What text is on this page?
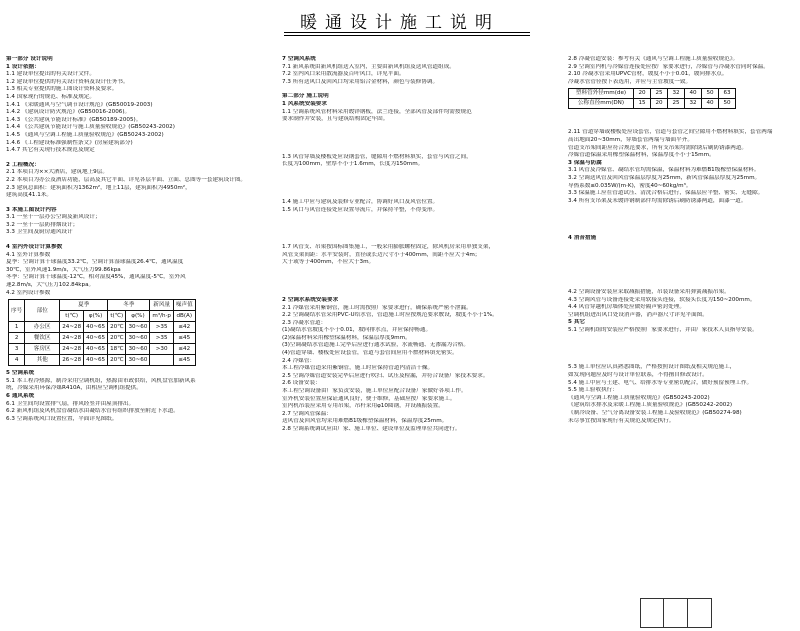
暖通设计施工说明
第一部分 设计说明
1 设计依据：
1.1 建设单位提出的有关设计文件。
1.2 建设单位提供的有关设计资料及设计任务书。
1.3 相关专业提供的施工图设计资料及要求。
1.4 国家现行的规范、标准及规定。
1.4.1 《采暖通风与空气调节设计规范》(GB50019-2003)
1.4.2 《建筑设计防火规范》(GB50016-2006)。
1.4.3 《公共建筑节能设计标准》(GB50189-2005)。
1.4.4 《公共建筑节能设计与施工质量验收规范》(GB50243-2002)
1.4.5 《通风与空调工程施工质量验收规范》(GB50243-2002)
1.4.6 《工程建设标准强制性条文》(房屋建筑部分)
1.4.7 其它有关现行技术规范及规定
2 工程概况：
2.1 本项目为××大酒店，建筑地上9层。
2.2 本项目为办公及酒店功能，层高及其它平面、详见各层平面、立面、总图等一套建筑设计图。
2.3 建筑总面积：建筑面积为1362m²，地上11层，建筑面积为4950m²，
建筑高度41.1米。
3 本施工图设计内容
3.1 一至十一层办公空调及新风设计；
3.2 一至十一层防排烟设计；
3.3 卫生间及厨房通风设计
4 室内外设计计算参数
4.1 室外计算参数
夏季：空调计算干球温度33.2℃，空调计算湿球温度26.4℃，通风温度
30℃，室外风速1.9m/s，大气压力99.86kpa
冬季：空调计算干球温度-12℃，相对湿度45%，通风温度-5℃，室外风
速2.8m/s，大气压力102.84kpa。
4.2 室内设计参数
序号	部位	夏季		冬季		新风量	噪声值
		t(℃)	φ(%)	t(℃)	φ(%)	m³/h·p	dB(A)
1	办公区	24~28	40~65	20℃	30~60	>35	≤42
2	餐饮区	24~28	40~65	20℃	30~60	>35	≤45
3	客房区	24~28	40~65	18℃	30~60	>30	≤42
4	其他	26~28	40~65	20℃	30~60		≤45
5 空调系统
5.1 本工程冷热源，制冷采用空调机组，热源由市政供给，风机盘管加新风系
统，冷媒采用环保冷媒R410A，由相应空调机组提供。
6 通风系统
6.1 卫生间均设置排气扇，排风经竖井由屋顶排出。
6.2 新风机组及风机盘管凝结水由凝结水管有组织排放至附近下水道。
6.3 空调系统风口设置位置，平面详见图纸。
7 空调风系统
7.1 新风系统由新风机组送入室内，主要由新风机组及送风管道组成。
7.2 室内风口采用散流器及百叶风口，详见平面。
7.3 所有送风口及回风口均采用铝合金材料，颜色与装修协调。
第二部分 施工说明
1 风系统安装要求
1.1 空调系统风管材料采用镀锌钢板，法兰连接，全部风管及部件均需按规范
要求制作并安装，且与建筑结构固定牢固。
1.3 风管穿墙及楼板处应设钢套管，缝隙用不燃材料填实，套管与风管之间，
长度为100mm，壁厚不小于1.6mm，长度为150mm。
1.4 施工中应与建筑及装修专业配合，协调好风口及风管位置。
1.5 风口与风管连接处应设置导流片，并保持平整，不得变形。
1.7 风管支、吊架按国标图集施工，一般采用膨胀螺栓固定，除风机房采用单独支架，
风管支架间距：水平安装时，直径或长边尺寸小于400mm，间距不应大于4m；
大于或等于400mm，不应大于3m。
2 空调水系统安装要求
2.1 冷媒管采用紫铜管，施工时需按照厂家要求进行，确保系统严密不泄漏。
2.2 空调凝结水管采用PVC-U给水管，管道施工时应按规范要求敷设，坡度不小于1%。
2.3 冷凝水管道：
(1)凝结水管坡度不小于0.01，坡向排水点，并应保持畅通。
(2)保温材料采用橡塑保温材料，保温层厚度9mm。
(3)空调凝结水管道施工完毕后应进行通水试验，水流畅通、无渗漏为合格。
(4)管道穿墙、楼板处应设套管，管道与套管间应用不燃材料填充密实。
2.4 冷媒管：
本工程冷媒管道采用紫铜管，施工时应保持管道内清洁干燥。
2.5 空调冷媒管道安装完毕后应进行吹扫、试压及检漏，并符合设备厂家技术要求。
2.6 设备安装：
本工程空调设备由厂家负责安装，施工单位应配合设备厂家做好各项工作。
室外机安装位置应保证通风良好，便于维修，基础应按厂家要求施工。
室内机吊装应采用专用吊架，吊杆采用φ10圆钢，并设减振装置。
2.7 空调风管保温：
送风管及回风管均采用难燃B1级橡塑保温材料，保温厚度25mm。
2.8 空调系统调试应由厂家、施工单位、建设单位及监理单位共同进行。
2.8 冷凝管道安装：参考有关《通风与空调工程施工质量验收规范》。
2.9 空调室内机与冷媒管连接处应按厂家要求进行，冷媒管与冷凝水管同时保温。
2.10 冷凝水管采用UPVC管材，坡度不小于0.01，坡向排水点。
冷凝水管管径按下表选用，并应与主管坡度一致。
塑料管外径mm(de)	20	25	32	40	50	63
公称直径mm(DN)	15	20	25	32	40	50
2.11 管道穿墙或楼板处应设套管，管道与套管之间空隙用不燃材料填实，套管两端
高出地面20~30mm，穿墙套管两端与墙面平齐。
管道支吊架间距应符合规范要求，所有支吊架均需除锈后刷防锈漆两道。
冷媒管道保温采用橡塑保温材料，保温厚度不小于15mm。
3 保温与防腐
3.1 风管及冷媒管、凝结水管均需保温，保温材料为难燃B1级橡塑保温材料。
3.2 空调送风管及回风管保温层厚度为25mm，新风管保温层厚度为25mm。
导热系数≤0.035W/(m·K)，密度40~60kg/m³。
3.3 保温施工应在管道试压、清洗合格后进行，保温层应平整、密实、无缝隙。
3.4 所有支吊架及未镀锌钢制部件均需除锈后刷防锈漆两道，面漆一道。
4 消音措施
4.2 空调设备安装应采取减振措施，吊装设备采用弹簧减振吊架。
4.3 空调风管与设备连接处采用软接头连接，软接头长度为150~200mm。
4.4 风管穿越机房墙体处应做好隔声密封处理。
空调机组进出风口处设消声器，消声器尺寸详见平面图。
5 其它
5.1 空调机组的安装应严格按照厂家要求进行，并由厂家技术人员指导安装。
5.3 施工单位应认真熟悉图纸，严格按照设计图纸及相关规范施工，
如发现问题应及时与设计单位联系，不得擅自修改设计。
5.4 施工中应与土建、电气、给排水等专业密切配合，做好预留预埋工作。
5.5 施工验收执行：
《通风与空调工程施工质量验收规范》(GB50243-2002)
《建筑给水排水及采暖工程施工质量验收规范》(GB50242-2002)
《制冷设备、空气分离设备安装工程施工及验收规范》(GB50274-98)
未尽事宜按国家现行有关规范及规定执行。
